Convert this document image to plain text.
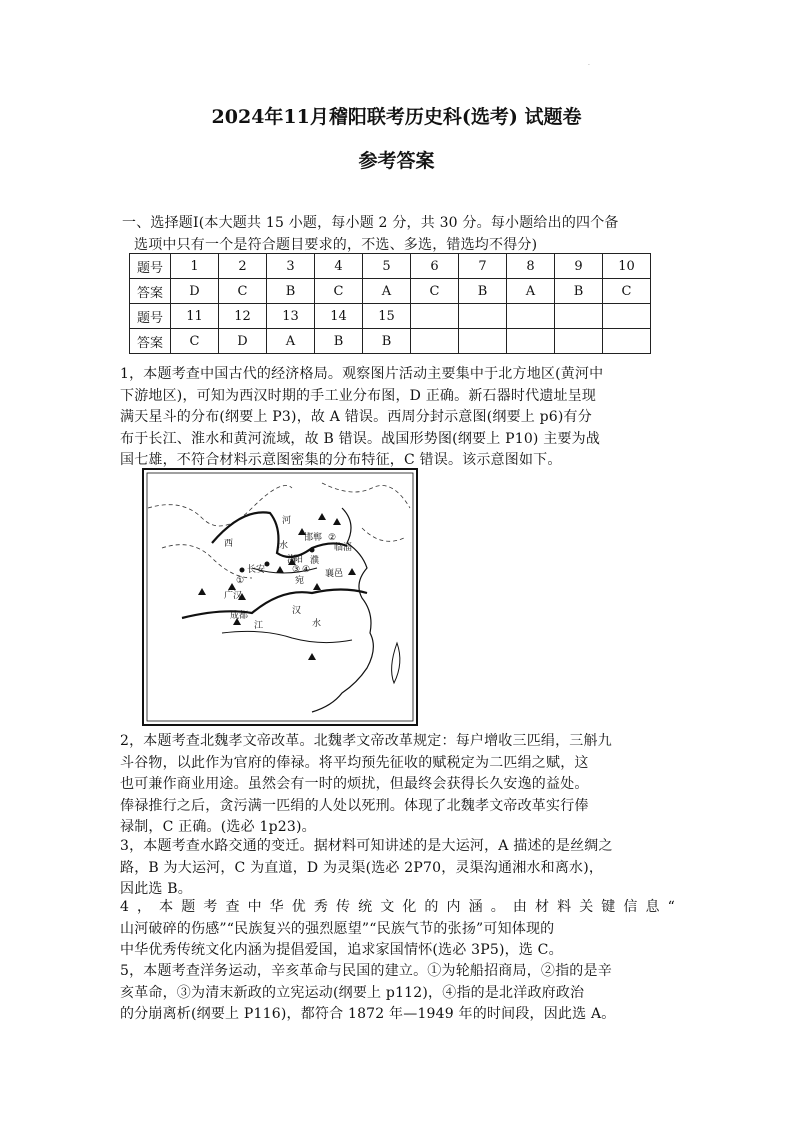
·
2024年11月稽阳联考历史科(选考) 试题卷
参考答案
一、选择题Ⅰ(本大题共 15 小题，每小题 2 分，共 30 分。每小题给出的四个备
选项中只有一个是符合题目要求的，不选、多选，错选均不得分)
题号	1	2	3	4	5	6	7	8	9	10
答案	D	C	B	C	A	C	B	A	B	C
题号	11	12	13	14	15					
答案	C	D	A	B	B					
1，本题考查中国古代的经济格局。观察图片活动主要集中于北方地区(黄河中
下游地区)，可知为西汉时期的手工业分布图，D 正确。新石器时代遗址呈现
满天星斗的分布(纲要上 P3)，故 A 错误。西周分封示意图(纲要上 p6)有分
布于长江、淮水和黄河流域，故 B 错误。战国形势图(纲要上 P10) 主要为战
国七雄，不符合材料示意图密集的分布特征，C 错误。该示意图如下。
西
河
水
阳
洛
邯郸
临淄
濮
襄邑
长安
宛
广汉
成都
江
汉
水
①
②
③ ④
2，本题考查北魏孝文帝改革。北魏孝文帝改革规定：每户增收三匹绢，三斛九
斗谷物，以此作为官府的俸禄。将平均预先征收的赋税定为二匹绢之赋，这
也可兼作商业用途。虽然会有一时的烦扰，但最终会获得长久安逸的益处。
俸禄推行之后，贪污满一匹绢的人处以死刑。体现了北魏孝文帝改革实行俸
禄制，C 正确。(选必 1p23)。
3，本题考查水路交通的变迁。据材料可知讲述的是大运河，A 描述的是丝绸之
路，B 为大运河，C 为直道，D 为灵渠(选必 2P70，灵渠沟通湘水和离水)，
因此选 B。
4，本题考查中华优秀传统文化的内涵。由材料关键信息“
山河破碎的伤感”“民族复兴的强烈愿望”“民族气节的张扬”可知体现的
中华优秀传统文化内涵为提倡爱国，追求家国情怀(选必 3P5)，选 C。
5，本题考查洋务运动，辛亥革命与民国的建立。①为轮船招商局，②指的是辛
亥革命，③为清末新政的立宪运动(纲要上 p112)，④指的是北洋政府政治
的分崩离析(纲要上 P116)，都符合 1872 年—1949 年的时间段，因此选 A。
